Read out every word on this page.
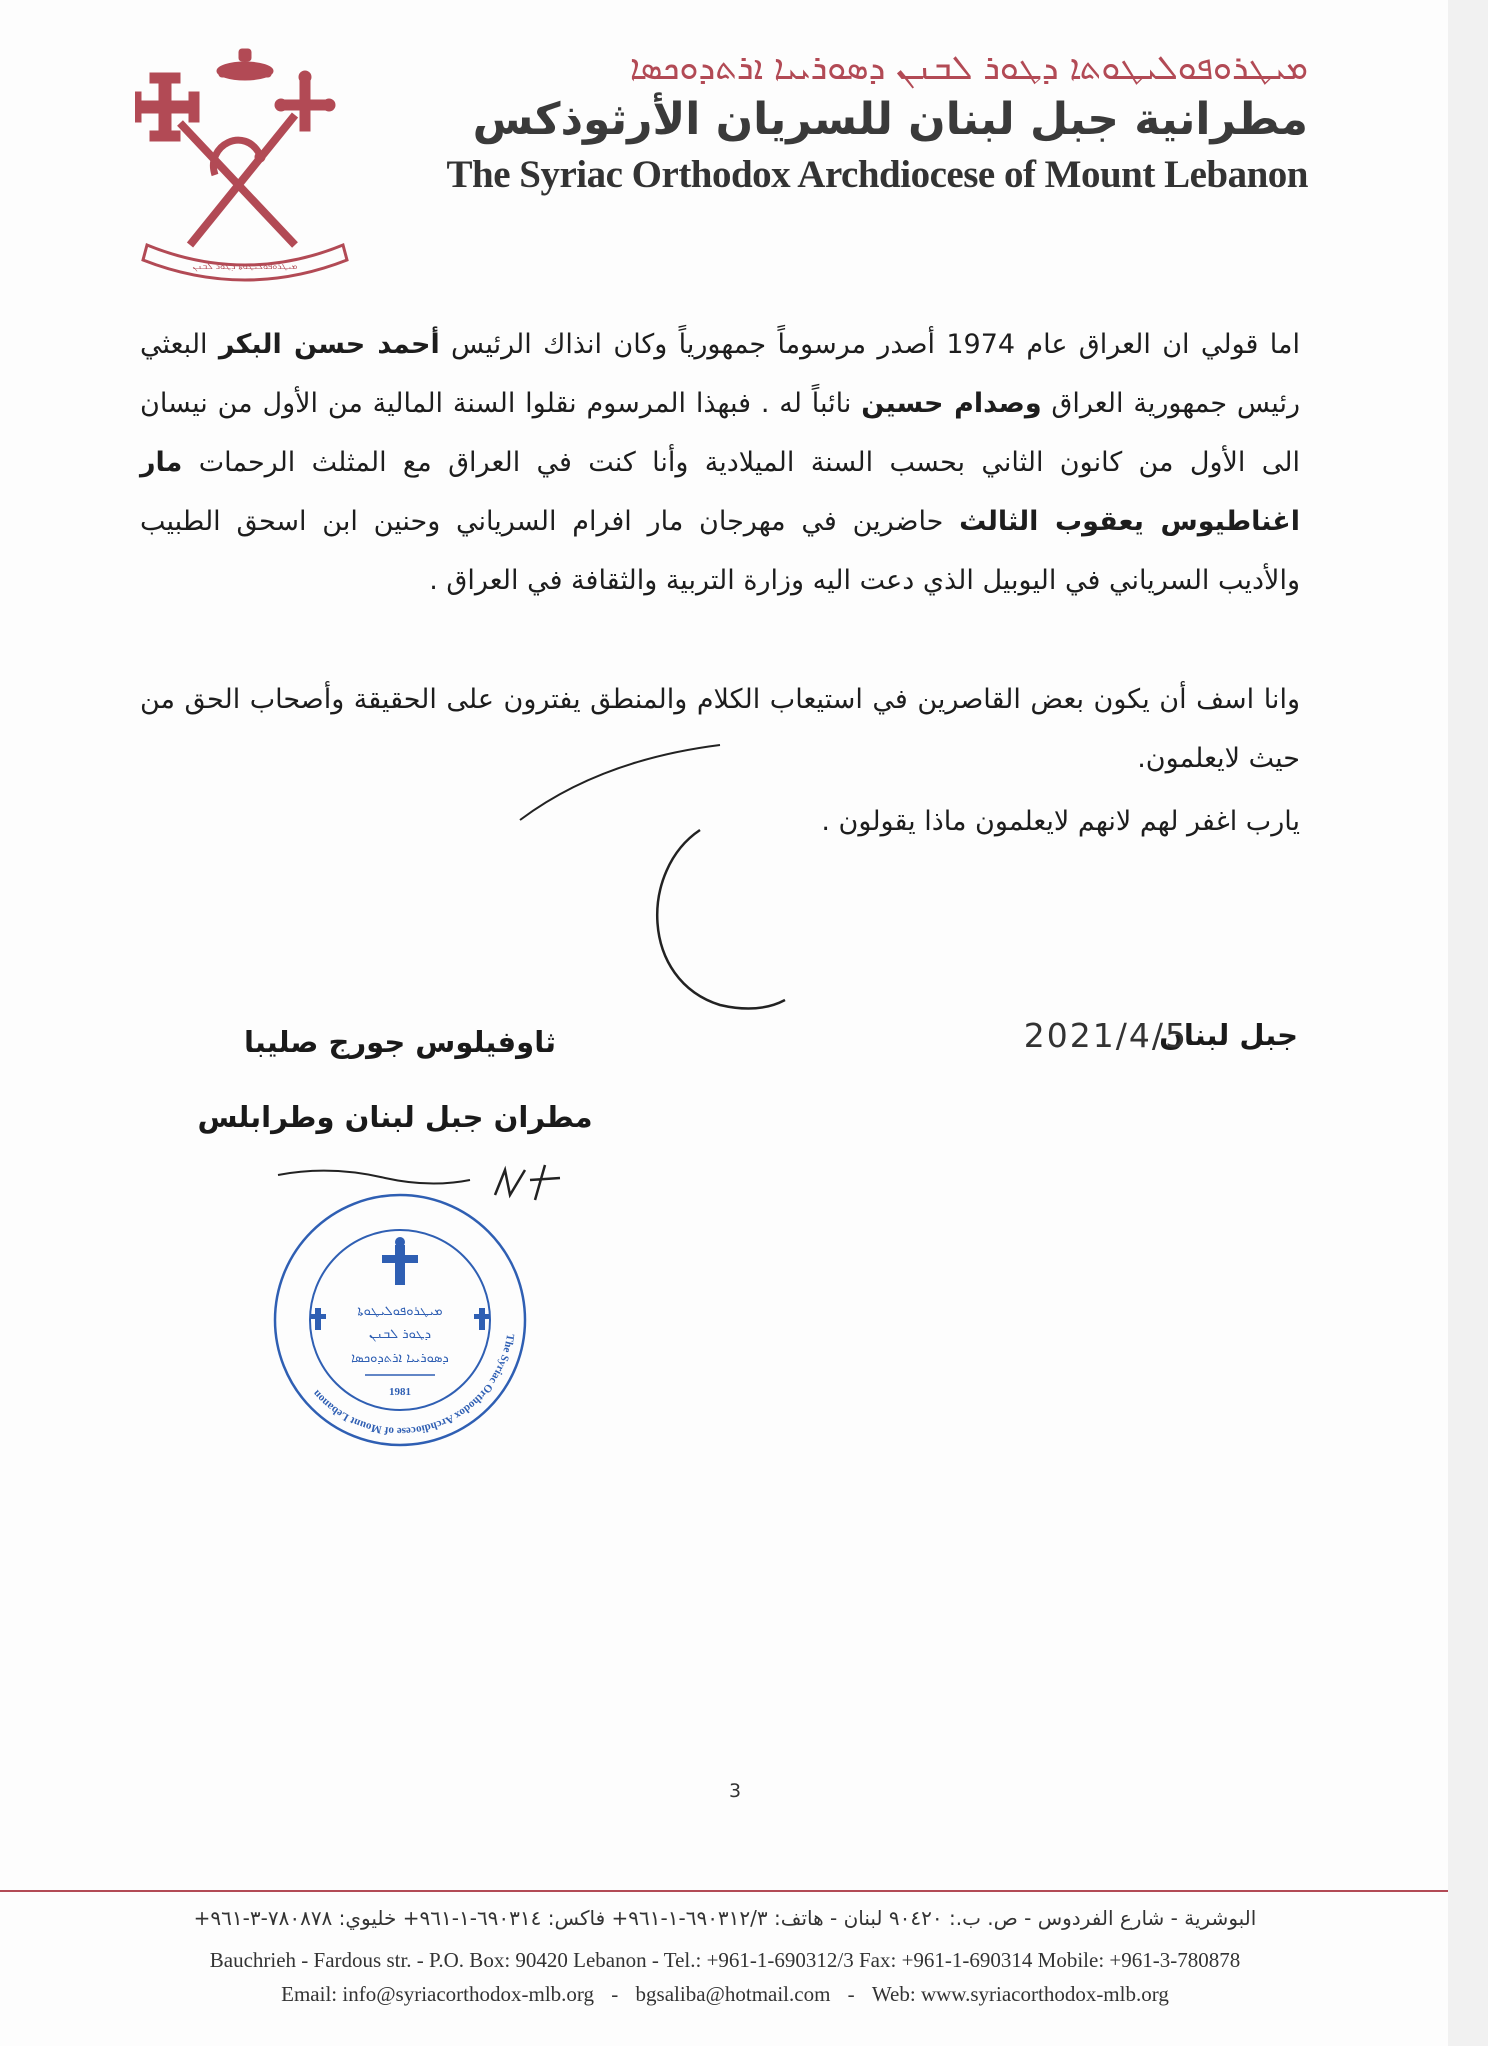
ܡܝܛܪܘܦܘܠܝܛܘܬܐ ܕܛܘܪ ܠܒܢܢ
ܡܝܛܪܘܦܘܠܝܛܘܬܐ ܕܛܘܪ ܠܒܢܢ ܕܣܘܪܝܝܐ ܐܪܬܕܘܟܣܐ
مطرانية جبل لبنان للسريان الأرثوذكس
The Syriac Orthodox Archdiocese of Mount Lebanon
اما قولي ان العراق عام 1974 أصدر مرسوماً جمهورياً وكان انذاك الرئيس أحمد حسن البكر البعثي رئيس جمهورية العراق وصدام حسين نائباً له . فبهذا المرسوم نقلوا السنة المالية من الأول من نيسان الى الأول من كانون الثاني بحسب السنة الميلادية وأنا كنت في العراق مع المثلث الرحمات مار اغناطيوس يعقوب الثالث حاضرين في مهرجان مار افرام السرياني وحنين ابن اسحق الطبيب والأديب السرياني في اليوبيل الذي دعت اليه وزارة التربية والثقافة في العراق .
وانا اسف أن يكون بعض القاصرين في استيعاب الكلام والمنطق يفترون على الحقيقة وأصحاب الحق من حيث لايعلمون.
يارب اغفر لهم لانهم لايعلمون ماذا يقولون .
جبل لبنان
2021/4/5
ثاوفيلوس جورج صليبا
مطران جبل لبنان وطرابلس
The Syriac Orthodox Archdiocese of Mount Lebanon
ܡܝܛܪܘܦܘܠܝܛܘܬܐ
ܕܛܘܪ ܠܒܢܢ
ܕܣܘܪܝܝܐ ܐܪܬܕܘܟܣܐ
1981
3
البوشرية - شارع الفردوس - ص. ب.: ٩٠٤٢٠ لبنان - هاتف: ٦٩٠٣١٢/٣-١-٩٦١+ فاكس: ٦٩٠٣١٤-١-٩٦١+ خليوي: ٧٨٠٨٧٨-٣-٩٦١+
Bauchrieh - Fardous str. - P.O. Box: 90420 Lebanon - Tel.: +961-1-690312/3 Fax: +961-1-690314 Mobile: +961-3-780878
Email: info@syriacorthodox-mlb.org - bgsaliba@hotmail.com - Web: www.syriacorthodox-mlb.org
